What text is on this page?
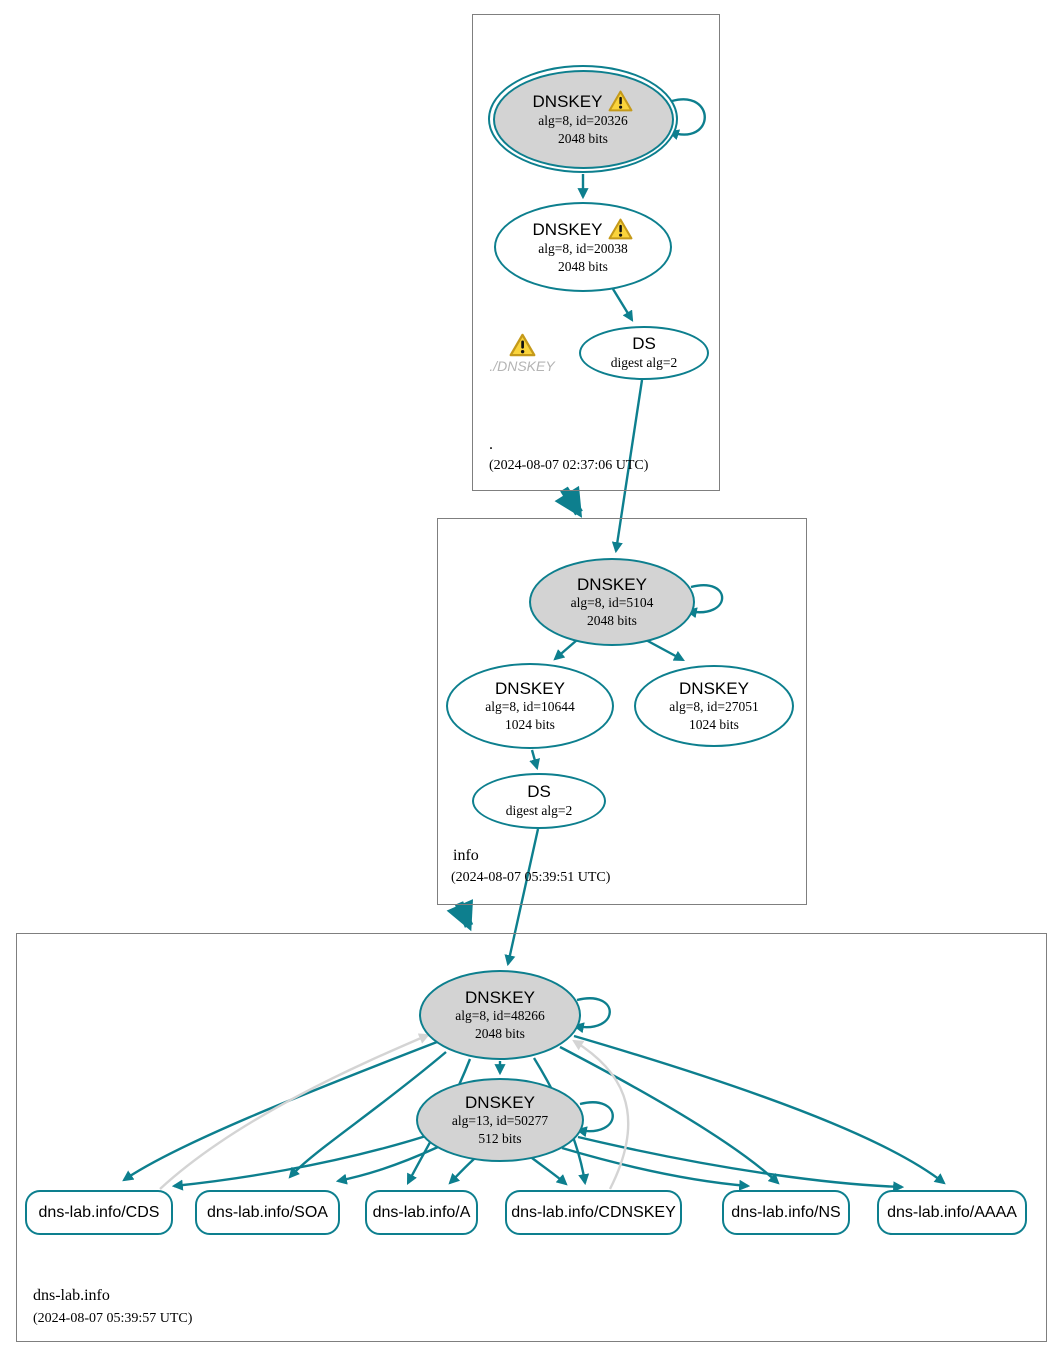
DNSKEY
alg=8, id=20326
2048 bits
DNSKEY
alg=8, id=20038
2048 bits
DS
digest alg=2
./DNSKEY
.
(2024-08-07 02:37:06 UTC)
DNSKEY
alg=8, id=5104
2048 bits
DNSKEY
alg=8, id=10644
1024 bits
DNSKEY
alg=8, id=27051
1024 bits
DS
digest alg=2
info
(2024-08-07 05:39:51 UTC)
DNSKEY
alg=8, id=48266
2048 bits
DNSKEY
alg=13, id=50277
512 bits
dns-lab.info/CDS	dns-lab.info/SOA	dns-lab.info/A	dns-lab.info/CDNSKEY	dns-lab.info/NS	dns-lab.info/AAAA
dns-lab.info
(2024-08-07 05:39:57 UTC)
